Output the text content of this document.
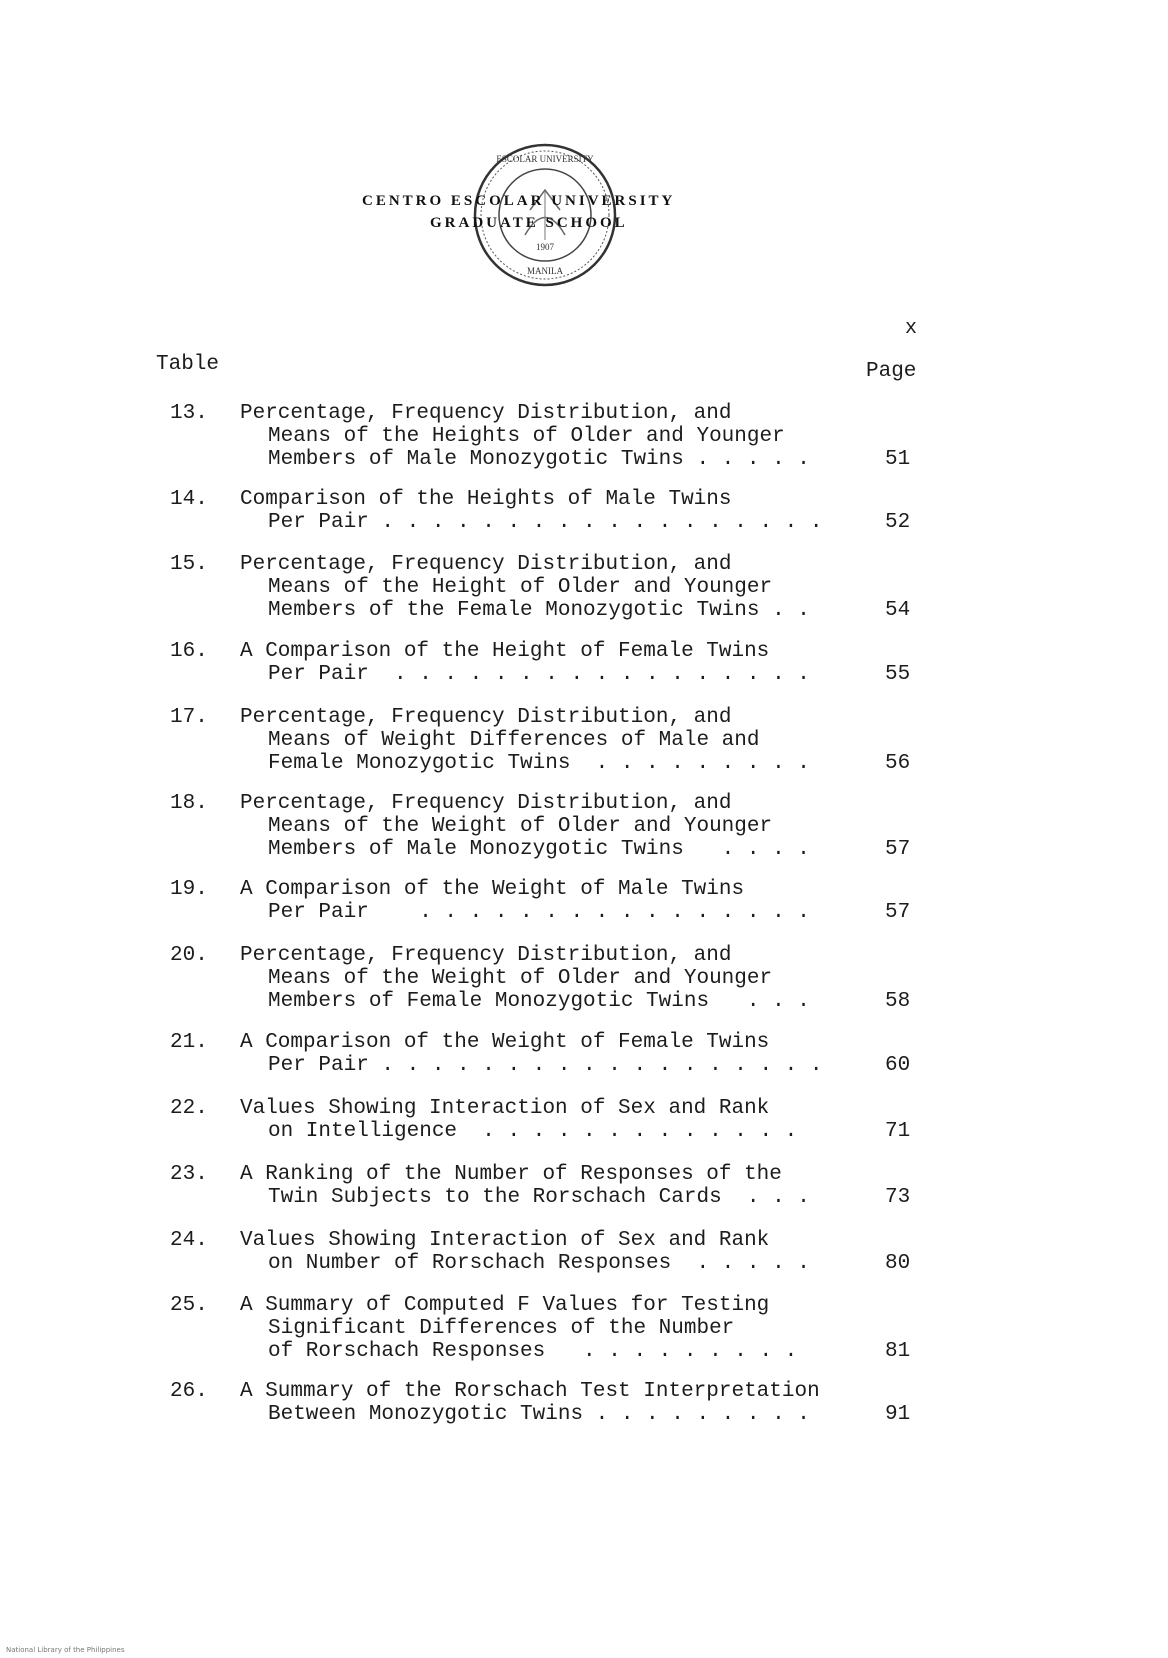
1907
ESCOLAR UNIVERSITY
MANILA
CENTRO ESCOLAR UNIVERSITY
GRADUATE SCHOOL
x
Table	Page
13. Percentage, Frequency Distribution, and
Means of the Heights of Older and Younger
Members of Male Monozygotic Twins . . . . .	51
14. Comparison of the Heights of Male Twins
Per Pair . . . . . . . . . . . . . . . . . .	52
15. Percentage, Frequency Distribution, and
Means of the Height of Older and Younger
Members of the Female Monozygotic Twins . .	54
16. A Comparison of the Height of Female Twins
Per Pair  . . . . . . . . . . . . . . . . .	55
17. Percentage, Frequency Distribution, and
Means of Weight Differences of Male and
Female Monozygotic Twins  . . . . . . . . .	56
18. Percentage, Frequency Distribution, and
Means of the Weight of Older and Younger
Members of Male Monozygotic Twins   . . . .	57
19. A Comparison of the Weight of Male Twins
Per Pair    . . . . . . . . . . . . . . . .	57
20. Percentage, Frequency Distribution, and
Means of the Weight of Older and Younger
Members of Female Monozygotic Twins   . . .	58
21. A Comparison of the Weight of Female Twins
Per Pair . . . . . . . . . . . . . . . . . .	60
22. Values Showing Interaction of Sex and Rank
on Intelligence  . . . . . . . . . . . . .	71
23. A Ranking of the Number of Responses of the
Twin Subjects to the Rorschach Cards  . . .	73
24. Values Showing Interaction of Sex and Rank
on Number of Rorschach Responses  . . . . .	80
25. A Summary of Computed F Values for Testing
Significant Differences of the Number
of Rorschach Responses   . . . . . . . . .	81
26. A Summary of the Rorschach Test Interpretation
Between Monozygotic Twins . . . . . . . . .	91
National Library of the Philippines
